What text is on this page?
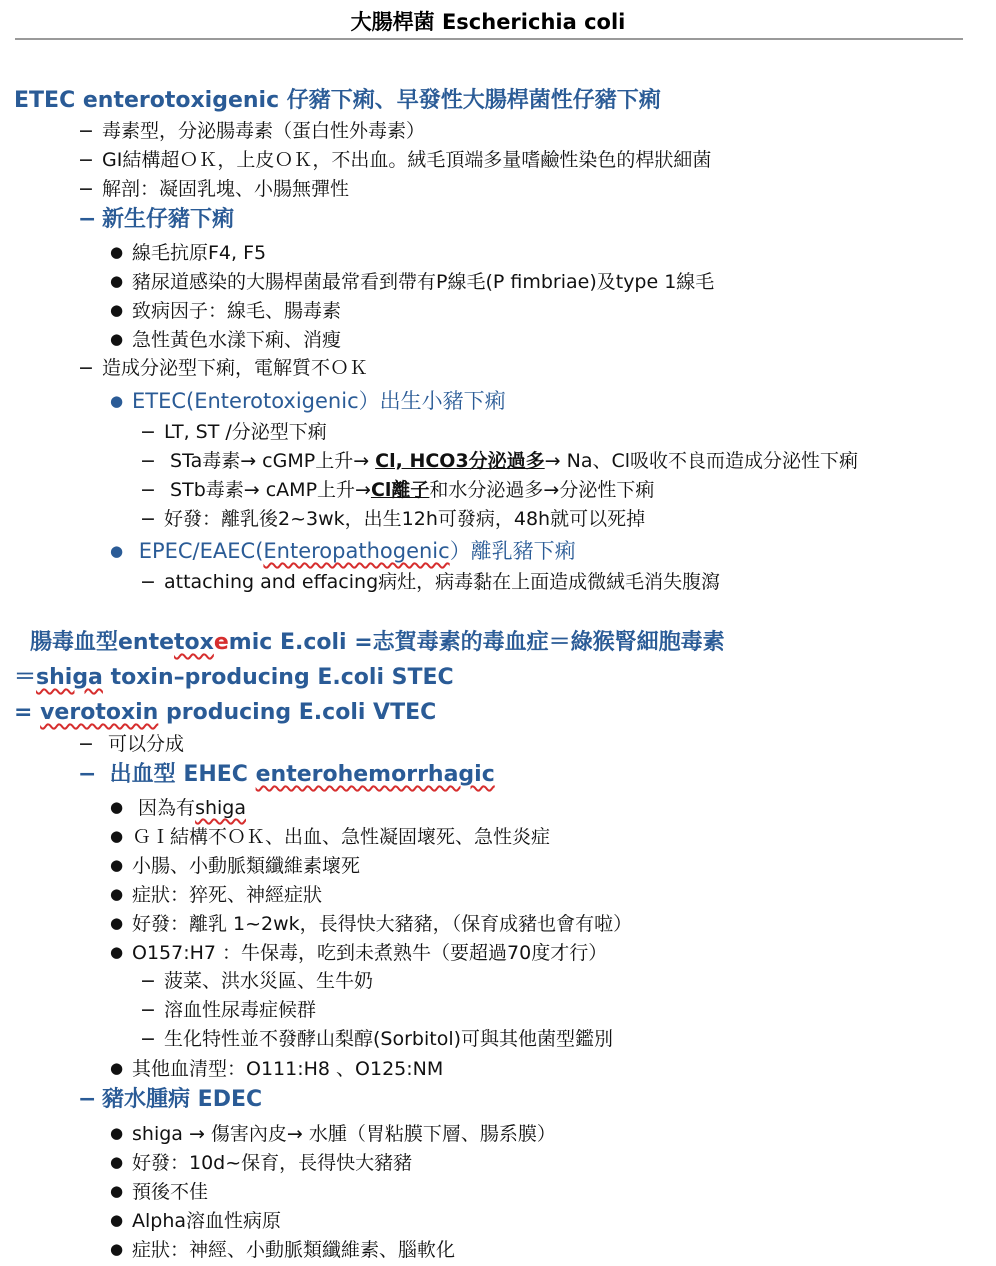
大腸桿菌 Escherichia coli
ETEC enterotoxigenic 仔豬下痢、早發性大腸桿菌性仔豬下痢
− 毒素型，分泌腸毒素（蛋白性外毒素）
− GI結構超ＯＫ，上皮ＯＫ，不出血。絨毛頂端多量嗜鹼性染色的桿狀細菌
− 解剖：凝固乳塊、小腸無彈性
− 新生仔豬下痢
● 線毛抗原F4, F5
● 豬尿道感染的大腸桿菌最常看到帶有P線毛(P fimbriae)及type 1線毛
● 致病因子：線毛、腸毒素
● 急性黃色水漾下痢、消瘦
− 造成分泌型下痢，電解質不ＯＫ
● ETEC(Enterotoxigenic）出生小豬下痢
− LT, ST /分泌型下痢
− STa毒素→ cGMP上升→ Cl, HCO3分泌過多→ Na、Cl吸收不良而造成分泌性下痢
− STb毒素→ cAMP上升→Cl離子和水分泌過多→分泌性下痢
− 好發：離乳後2~3wk，出生12h可發病，48h就可以死掉
● EPEC/EAEC(Enteropathogenic）離乳豬下痢
− attaching and effacing病灶，病毒黏在上面造成微絨毛消失腹瀉
腸毒血型entetoxemic E.coli =志賀毒素的毒血症＝綠猴腎細胞毒素
＝shiga toxin–producing E.coli STEC
= verotoxin producing E.coli VTEC
− 可以分成
− 出血型 EHEC enterohemorrhagic
● 因為有shiga
● ＧＩ結構不ＯＫ、出血、急性凝固壞死、急性炎症
● 小腸、小動脈類纖維素壞死
● 症狀：猝死、神經症狀
● 好發：離乳 1~2wk，長得快大豬豬，（保育成豬也會有啦）
● O157:H7 ：牛保毒，吃到未煮熟牛（要超過70度才行）
− 菠菜、洪水災區、生牛奶
− 溶血性尿毒症候群
− 生化特性並不發酵山梨醇(Sorbitol)可與其他菌型鑑別
● 其他血清型：O111:H8 、O125:NM
− 豬水腫病 EDEC
● shiga → 傷害內皮→ 水腫（胃粘膜下層、腸系膜）
● 好發：10d~保育，長得快大豬豬
● 預後不佳
● Alpha溶血性病原
● 症狀：神經、小動脈類纖維素、腦軟化
